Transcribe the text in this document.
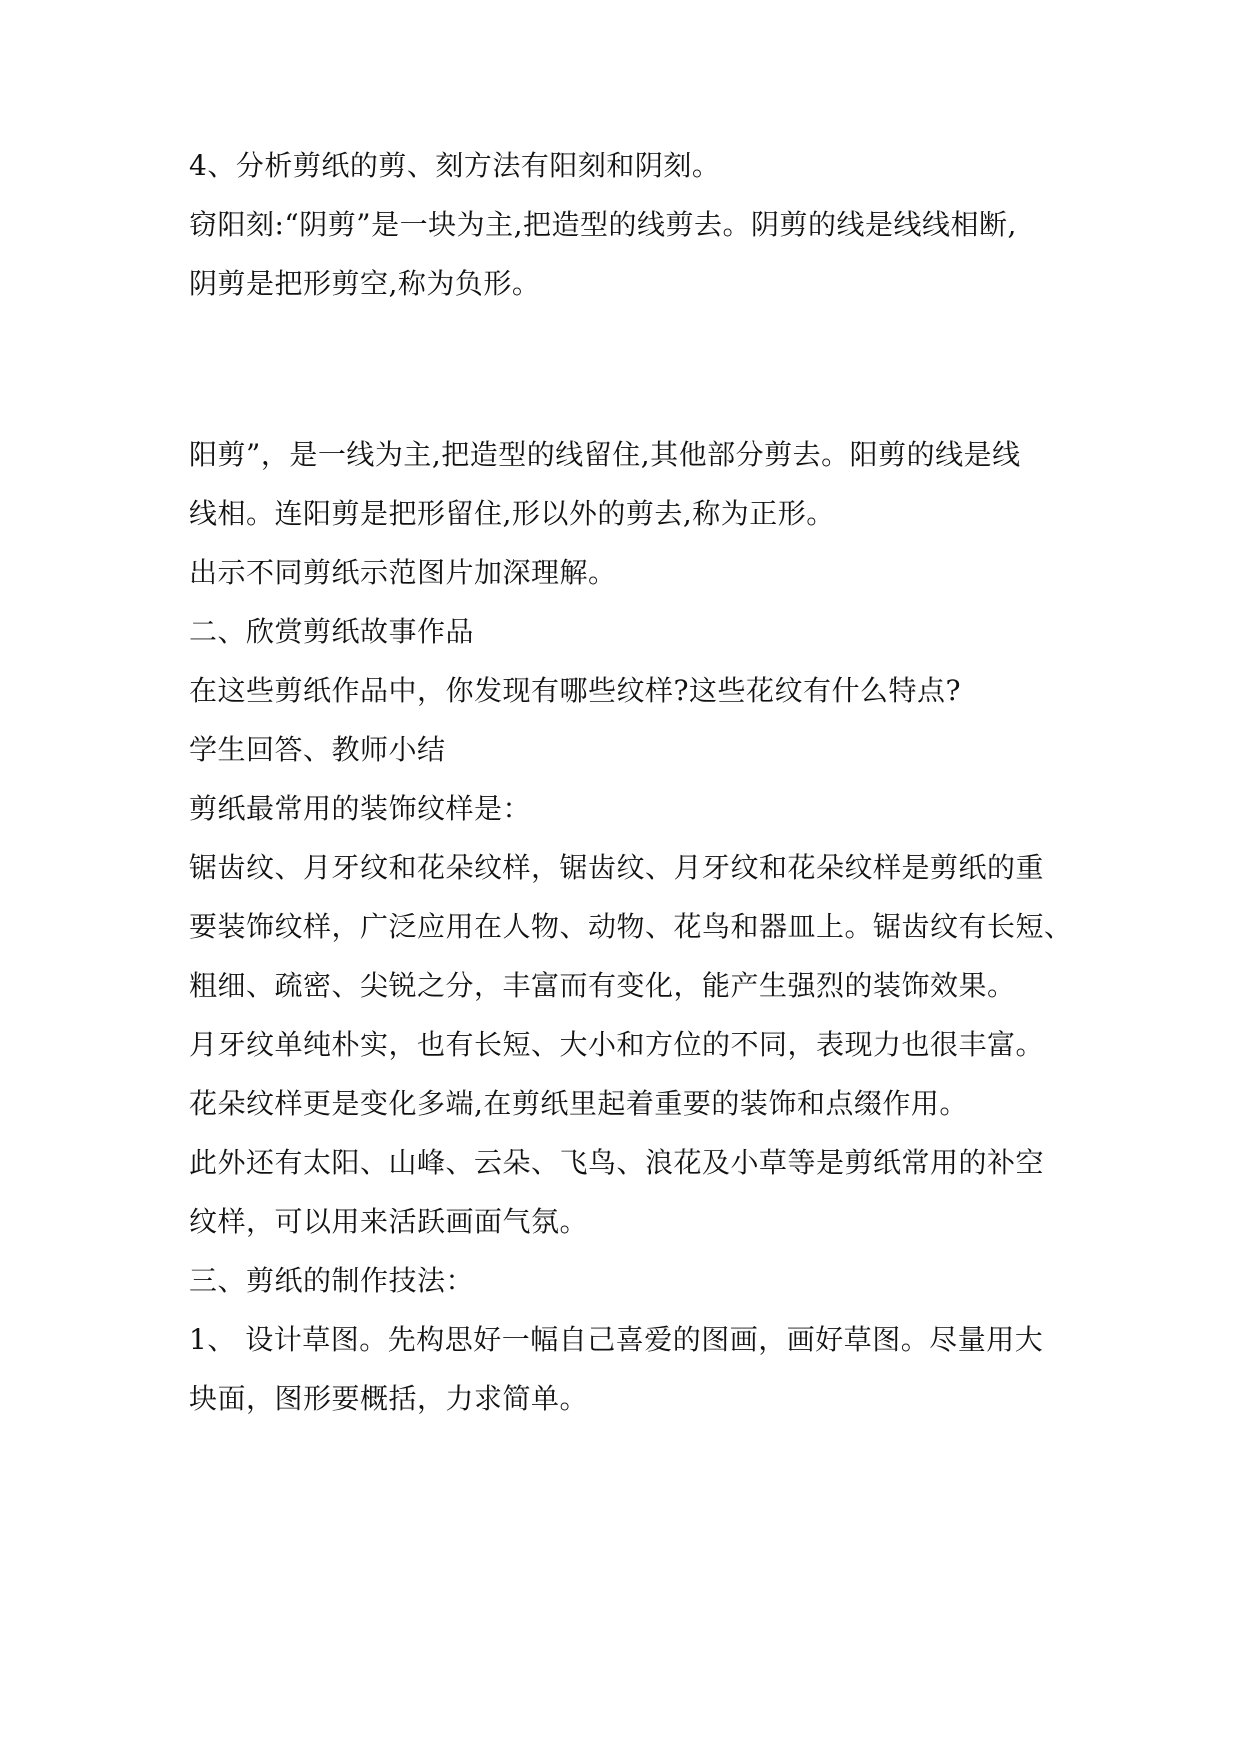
4、分析剪纸的剪、刻方法有阳刻和阴刻。
窃阳刻:“阴剪”是一块为主,把造型的线剪去。阴剪的线是线线相断,
阴剪是把形剪空,称为负形。
阳剪”，是一线为主,把造型的线留住,其他部分剪去。阳剪的线是线
线相。连阳剪是把形留住,形以外的剪去,称为正形。
出示不同剪纸示范图片加深理解。
二、欣赏剪纸故事作品
在这些剪纸作品中，你发现有哪些纹样?这些花纹有什么特点?
学生回答、教师小结
剪纸最常用的装饰纹样是：
锯齿纹、月牙纹和花朵纹样，锯齿纹、月牙纹和花朵纹样是剪纸的重
要装饰纹样，广泛应用在人物、动物、花鸟和器皿上。锯齿纹有长短、
粗细、疏密、尖锐之分，丰富而有变化，能产生强烈的装饰效果。
月牙纹单纯朴实，也有长短、大小和方位的不同，表现力也很丰富。
花朵纹样更是变化多端,在剪纸里起着重要的装饰和点缀作用。
此外还有太阳、山峰、云朵、飞鸟、浪花及小草等是剪纸常用的补空
纹样，可以用来活跃画面气氛。
三、剪纸的制作技法：
1、 设计草图。先构思好一幅自己喜爱的图画，画好草图。尽量用大
块面，图形要概括，力求简单。
